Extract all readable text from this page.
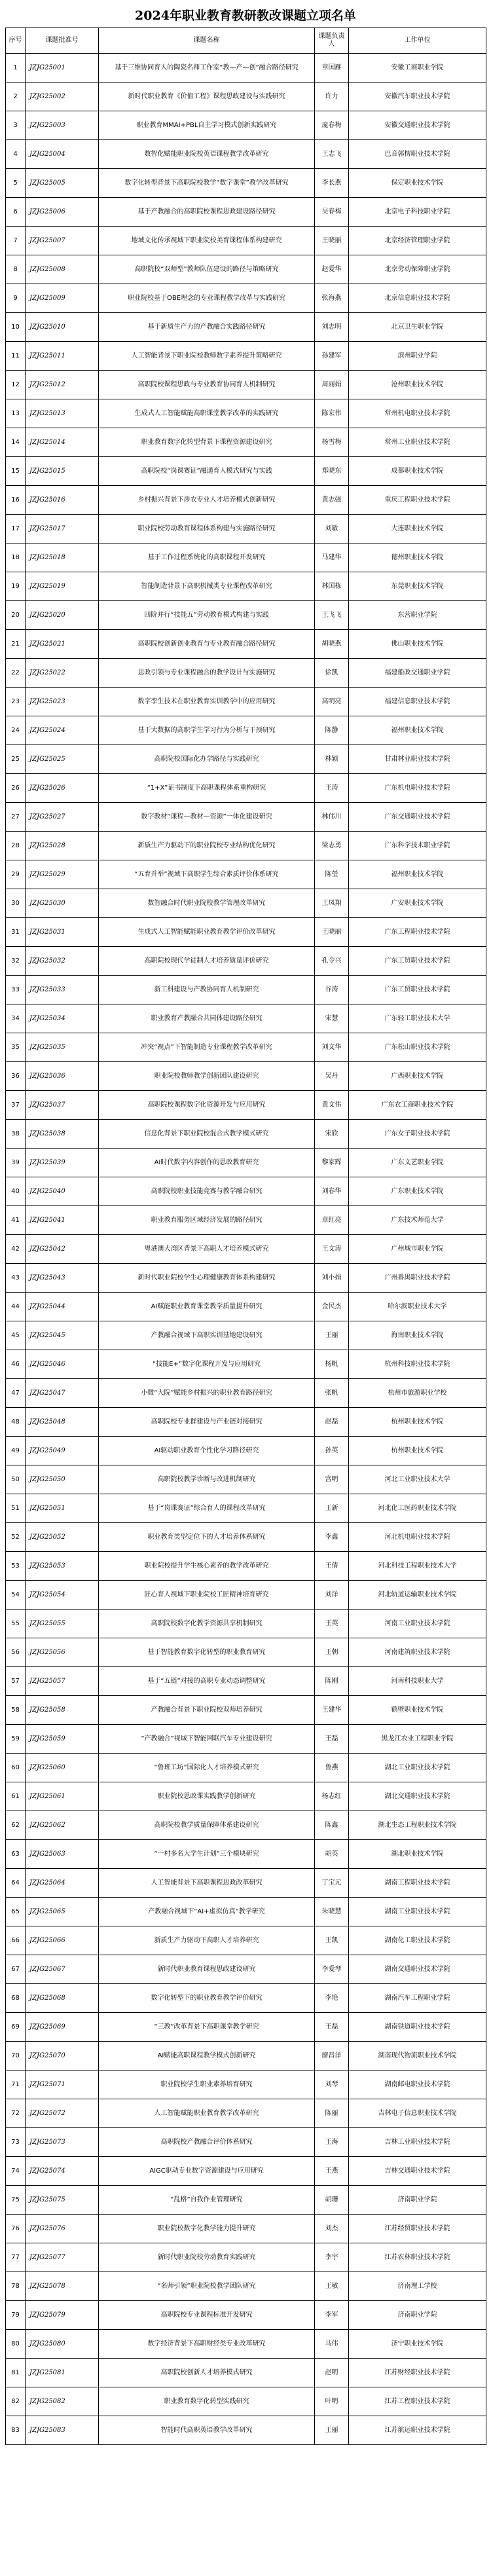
2024年职业教育教研教改课题立项名单
序号	课题批准号	课题名称	课题负责人	工作单位
1	JZJG25001	基于三维协同育人的陶瓷名师工作室“教—产—创”融合路径研究	章国雁	安徽工商职业学院
2	JZJG25002	新时代职业教育《价值工程》课程思政建设与实践研究	许力	安徽汽车职业技术学院
3	JZJG25003	职业教育MMAI+PBL自主学习模式创新实践研究	庞春梅	安徽交通职业技术学院
4	JZJG25004	数智化赋能职业院校英语课程教学改革研究	王志飞	巴音郭楞职业技术学院
5	JZJG25005	数字化转型背景下高职院校教学“数字课堂”教学改革研究	李长燕	保定职业技术学院
6	JZJG25006	基于产教融合的高职院校课程思政建设路径研究	吴春梅	北京电子科技职业学院
7	JZJG25007	地域文化传承视域下职业院校美育课程体系构建研究	王晓丽	北京经济管理职业学院
8	JZJG25008	高职院校“双师型”教师队伍建设的路径与策略研究	赵爱华	北京劳动保障职业学院
9	JZJG25009	职业院校基于OBE理念的专业课程教学改革与实践研究	张海燕	北京信息职业技术学院
10	JZJG25010	基于新质生产力的产教融合实践路径研究	刘志明	北京卫生职业学院
11	JZJG25011	人工智能背景下职业院校教师数字素养提升策略研究	孙建军	滨州职业学院
12	JZJG25012	高职院校课程思政与专业教育协同育人机制研究	周丽娟	沧州职业技术学院
13	JZJG25013	生成式人工智能赋能高职课堂教学改革的实践研究	陈宏伟	常州机电职业技术学院
14	JZJG25014	职业教育数字化转型背景下课程资源建设研究	杨雪梅	常州工业职业技术学院
15	JZJG25015	高职院校“岗课赛证”融通育人模式研究与实践	郑晓东	成都职业技术学院
16	JZJG25016	乡村振兴背景下涉农专业人才培养模式创新研究	黄志强	重庆工程职业技术学院
17	JZJG25017	职业院校劳动教育课程体系构建与实施路径研究	刘敏	大连职业技术学院
18	JZJG25018	基于工作过程系统化的高职课程开发研究	马建华	德州职业技术学院
19	JZJG25019	智能制造背景下高职机械类专业课程改革研究	林国栋	东莞职业技术学院
20	JZJG25020	四阶并行“技能五”劳动教育模式构建与实践	王飞飞	东营职业学院
21	JZJG25021	高职院校创新创业教育与专业教育融合路径研究	胡晓燕	佛山职业技术学院
22	JZJG25022	思政引领与专业课程融合的教学设计与实施研究	徐凯	福建船政交通职业学院
23	JZJG25023	数字孪生技术在职业教育实训教学中的应用研究	高明亮	福建信息职业技术学院
24	JZJG25024	基于大数据的高职学生学习行为分析与干预研究	陈静	福州职业技术学院
25	JZJG25025	高职院校国际化办学路径与实践研究	林颖	甘肃林业职业技术学院
26	JZJG25026	“1+X”证书制度下高职课程体系重构研究	王涛	广东机电职业技术学院
27	JZJG25027	数字教材“课程—教材—资源”一体化建设研究	林伟川	广东交通职业技术学院
28	JZJG25028	新质生产力驱动下的职业院校专业结构优化研究	梁志勇	广东科学技术职业学院
29	JZJG25029	“五育并举”视域下高职学生综合素质评价体系研究	陈瑩	福州职业技术学院
30	JZJG25030	数智融合时代职业院校教学管理改革研究	王凤翔	广安职业技术学院
31	JZJG25031	生成式人工智能赋能职业教育教学评价改革研究	王晓丽	广东工程职业技术学院
32	JZJG25032	高职院校现代学徒制人才培养质量评价研究	孔令兴	广东工贸职业技术学院
33	JZJG25033	新工科建设与产教协同育人机制研究	谷涛	广东工贸职业技术学院
34	JZJG25034	职业教育产教融合共同体建设路径研究	宋慧	广东轻工职业技术大学
35	JZJG25035	冲突“视点”下智能制造专业课程教学改革研究	刘文华	广东松山职业技术学院
36	JZJG25036	职业院校教师教学创新团队建设研究	吴丹	广西职业技术学院
37	JZJG25037	高职院校课程数字化资源开发与应用研究	黄文伟	广东农工商职业技术学院
38	JZJG25038	信息化背景下职业院校混合式教学模式研究	宋欣	广东女子职业技术学院
39	JZJG25039	AI时代数字内容创作的思政教育研究	黎家辉	广东文艺职业学院
40	JZJG25040	高职院校职业技能竞赛与教学融合研究	刘春华	广东职业技术学院
41	JZJG25041	职业教育服务区域经济发展的路径研究	章红亮	广东技术师范大学
42	JZJG25042	粤港澳大湾区背景下高职人才培养模式研究	王文涛	广州城市职业学院
43	JZJG25043	新时代职业院校学生心理健康教育体系构建研究	刘小娟	广州番禺职业技术学院
44	JZJG25044	AI赋能职业教育课堂教学质量提升研究	金民杰	哈尔滨职业技术大学
45	JZJG25045	产教融合视域下高职实训基地建设研究	王丽	海南职业技术学院
46	JZJG25046	“技能E+”数字化课程开发与应用研究	杨帆	杭州科技职业技术学院
47	JZJG25047	小微“大院”赋能乡村振兴的职业教育路径研究	张帆	杭州市旅游职业学校
48	JZJG25048	高职院校专业群建设与产业链对接研究	赵磊	杭州职业技术学院
49	JZJG25049	AI驱动职业教育个性化学习路径研究	孙英	杭州职业技术学院
50	JZJG25050	高职院校教学诊断与改进机制研究	宫明	河北工业职业技术大学
51	JZJG25051	基于“岗课赛证”综合育人的课程改革研究	王新	河北化工医药职业技术学院
52	JZJG25052	职业教育类型定位下的人才培养体系研究	李鑫	河北机电职业技术学院
53	JZJG25053	职业院校提升学生核心素养的教学改革研究	王倩	河北科技工程职业技术大学
54	JZJG25054	匠心育人视域下职业院校工匠精神培育研究	刘洋	河北轨道运输职业技术学院
55	JZJG25055	高职院校数字化教学资源共享机制研究	王英	河南工业职业技术学院
56	JZJG25056	基于智能教育数字化转型的职业教育研究	王朝	河南建筑职业技术学院
57	JZJG25057	基于“五链”对接的高职专业动态调整研究	陈刚	河南科技职业大学
58	JZJG25058	产教融合背景下职业院校双师培养研究	王建华	鹤壁职业技术学院
59	JZJG25059	“产教融合”视域下智能网联汽车专业建设研究	王磊	黑龙江农业工程职业学院
60	JZJG25060	“鲁班工坊”国际化人才培养模式研究	鲁燕	湖北工业职业技术学院
61	JZJG25061	职业院校思政课实践教学创新研究	杨志红	湖北交通职业技术学院
62	JZJG25062	高职院校教学质量保障体系建设研究	陈鑫	湖北生态工程职业技术学院
63	JZJG25063	“一村多名大学生计划”三个模块研究	胡英	湖北职业技术学院
64	JZJG25064	人工智能背景下高职课程思政改革研究	丁宝元	湖南工程职业技术学院
65	JZJG25065	产教融合视域下“AI+虚拟仿真”教学研究	朱晓慧	湖南工业职业技术学院
66	JZJG25066	新质生产力驱动下高职人才培养研究	王凯	湖南化工职业技术学院
67	JZJG25067	新时代职业教育课程思政建设研究	李爱琴	湖南交通职业技术学院
68	JZJG25068	数字化转型下的职业教育教学评价研究	李艳	湖南汽车工程职业学院
69	JZJG25069	“三教”改革背景下高职课堂教学研究	王磊	湖南铁道职业技术学院
70	JZJG25070	AI赋能高职课程教学模式创新研究	廖昌洋	湖南现代物流职业技术学院
71	JZJG25071	职业院校学生职业素养培育研究	刘琴	湖南邮电职业技术学院
72	JZJG25072	人工智能赋能职业教育教学改革研究	陈丽	吉林电子信息职业技术学院
73	JZJG25073	高职院校产教融合评价体系研究	王海	吉林工业职业技术学院
74	JZJG25074	AIGC驱动专业数字资源建设与应用研究	王燕	吉林交通职业技术学院
75	JZJG25075	“乱格”自我作业管理研究	胡珊	济南职业学院
76	JZJG25076	职业院校数字化教学能力提升研究	刘杰	江苏经贸职业技术学院
77	JZJG25077	新时代职业院校劳动教育实践研究	李宇	江苏农林职业技术学院
78	JZJG25078	“名师引领”职业院校教学团队研究	王敏	济南理工学校
79	JZJG25079	高职院校专业课程标准开发研究	李军	济南职业学院
80	JZJG25080	数字经济背景下高职财经类专业改革研究	马伟	济宁职业技术学院
81	JZJG25081	高职院校创新人才培养模式研究	赵明	江苏财经职业技术学院
82	JZJG25082	职业教育数字化转型实践研究	叶明	江苏工程职业技术学院
83	JZJG25083	智能时代高职英语教学改革研究	王丽	江苏航运职业技术学院
